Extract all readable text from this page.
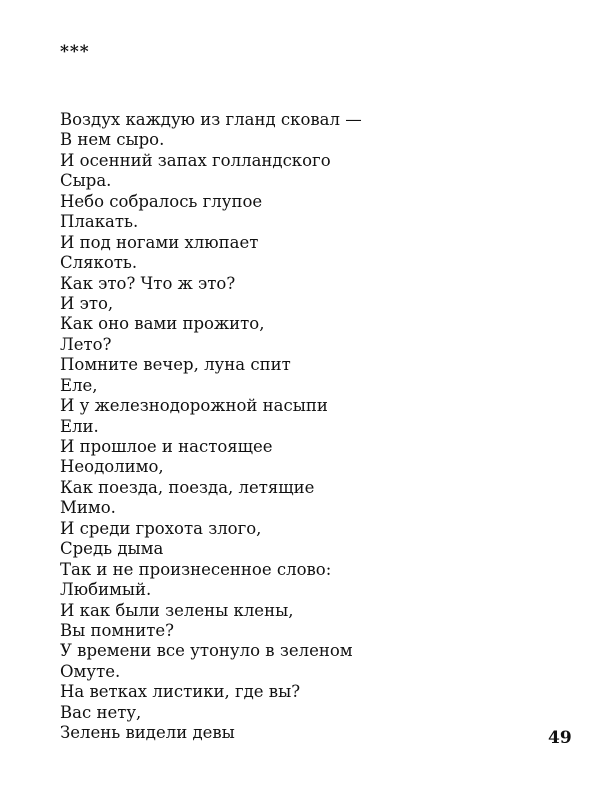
***
Воздух каждую из гланд сковал —
В нем сыро.
И осенний запах голландского
Сыра.
Небо собралось глупое
Плакать.
И под ногами хлюпает
Слякоть.
Как это? Что ж это?
И это,
Как оно вами прожито,
Лето?
Помните вечер, луна спит
Еле,
И у железнодорожной насыпи
Ели.
И прошлое и настоящее
Неодолимо,
Как поезда, поезда, летящие
Мимо.
И среди грохота злого,
Средь дыма
Так и не произнесенное слово:
Любимый.
И как были зелены клены,
Вы помните?
У времени все утонуло в зеленом
Омуте.
На ветках листики, где вы?
Вас нету,
Зелень видели девы	49
